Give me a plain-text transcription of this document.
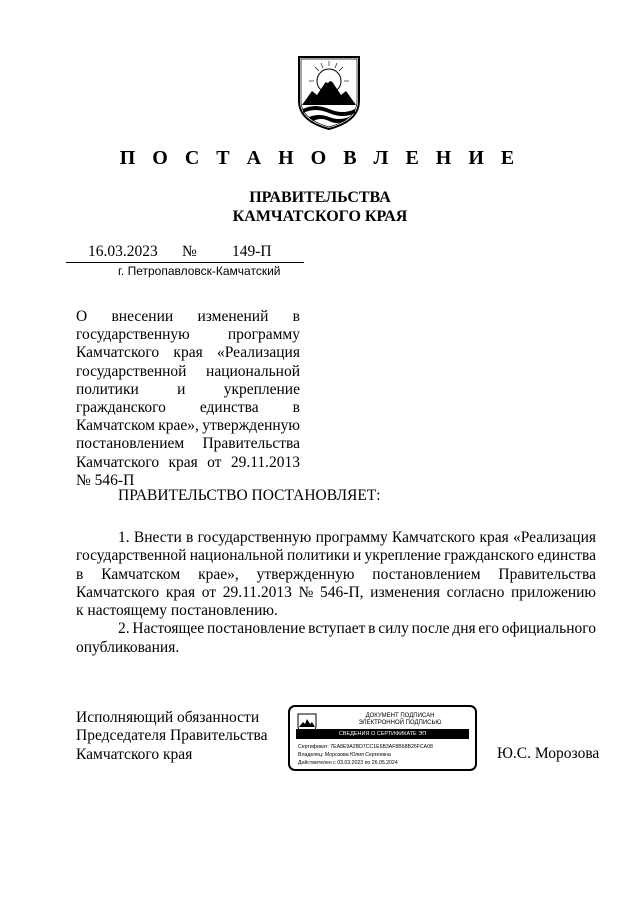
П О С Т А Н О В Л Е Н И Е
ПРАВИТЕЛЬСТВА
КАМЧАТСКОГО КРАЯ
16.03.2023 № 149-П
г. Петропавловск-Камчатский
О внесении изменений в
государственную программу
Камчатского края «Реализация
государственной национальной
политики и укрепление
гражданского единства в
Камчатском крае», утвержденную
постановлением Правительства
Камчатского края от 29.11.2013
№ 546-П
ПРАВИТЕЛЬСТВО ПОСТАНОВЛЯЕТ:
1. Внести в государственную программу Камчатского края «Реализация
государственной национальной политики и укрепление гражданского единства
в Камчатском крае», утвержденную постановлением Правительства
Камчатского края от 29.11.2013 № 546-П, изменения согласно приложению
к настоящему постановлению.
2. Настоящее постановление вступает в силу после дня его официального
опубликования.
Исполняющий обязанности
Председателя Правительства
Камчатского края
ДОКУМЕНТ ПОДПИСАН
ЭЛЕКТРОННОЙ ПОДПИСЬЮ
СВЕДЕНИЯ О СЕРТИФИКАТЕ ЭП
Сертификат: 7EA8E9A2BD7CC1E6B3AF8B68B26FCA08
Владелец: Морозова Юлия Сергеевна
Действителен с 03.03.2023 по 26.05.2024
Ю.С. Морозова
